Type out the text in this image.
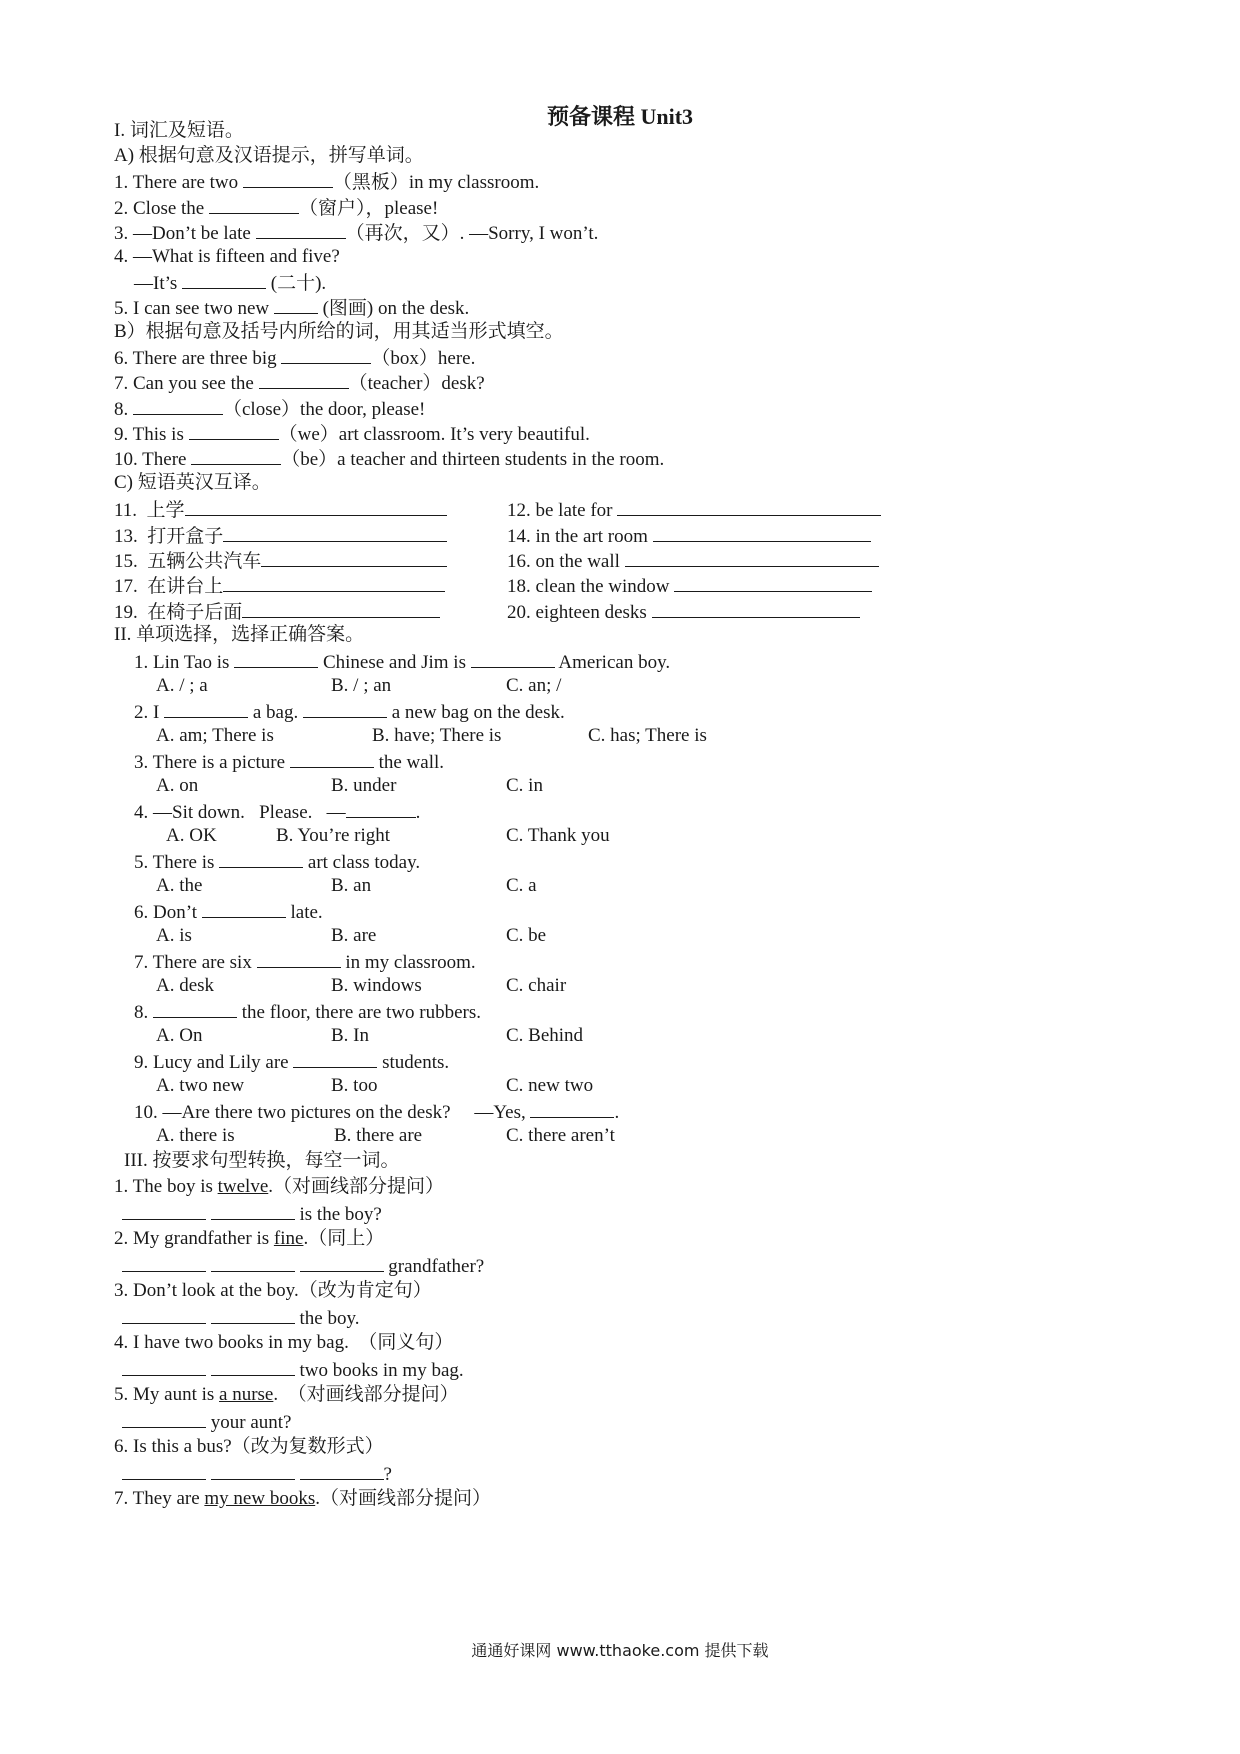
预备课程 Unit3
I. 词汇及短语。
A) 根据句意及汉语提示，拼写单词。
1. There are two	（黑板）in my classroom.
2. Close the	（窗户），please!
3. —Don’t be late	（再次，又）. —Sorry, I won’t.
4. —What is fifteen and five?
—It’s	(二十).
5. I can see two new  (图画) on the desk.
B）根据句意及括号内所给的词，用其适当形式填空。
6. There are three big	（box）here.
7. Can you see the	（teacher）desk?
8.	（close）the door, please!
9. This is	（we）art classroom. It’s very beautiful.
10. There	（be）a teacher and thirteen students in the room.
C) 短语英汉互译。
11.  上学	12. be late for
13.  打开盒子	14. in the art room
15.  五辆公共汽车	16. on the wall
17.  在讲台上	18. clean the window
19.  在椅子后面	20. eighteen desks
II. 单项选择，选择正确答案。
1. Lin Tao is	Chinese and Jim is	American boy.
A. / ; a	B. / ; an	C. an; /
2. I	a bag.	a new bag on the desk.
A. am; There is	B. have; There is	C. has; There is
3. There is a picture	the wall.
A. on	B. under	C. in
4. —Sit down.   Please.   —	.
A. OK	B. You’re right	C. Thank you
5. There is	art class today.
A. the	B. an	C. a
6. Don’t	late.
A. is	B. are	C. be
7. There are six	in my classroom.
A. desk	B. windows	C. chair
8.	the floor, there are two rubbers.
A. On	B. In	C. Behind
9. Lucy and Lily are	students.
A. two new	B. too	C. new two
10. —Are there two pictures on the desk?     —Yes,	.
A. there is	B. there are	C. there aren’t
III. 按要求句型转换，每空一词。
1. The boy is twelve.（对画线部分提问）
is the boy?
2. My grandfather is fine.（同上）
grandfather?
3. Don’t look at the boy.（改为肯定句）
the boy.
4. I have two books in my bag.  （同义句）
two books in my bag.
5. My aunt is a nurse.  （对画线部分提问）
your aunt?
6. Is this a bus?（改为复数形式）
?
7. They are my new books.（对画线部分提问）
通通好课网 www.tthaoke.com 提供下载
